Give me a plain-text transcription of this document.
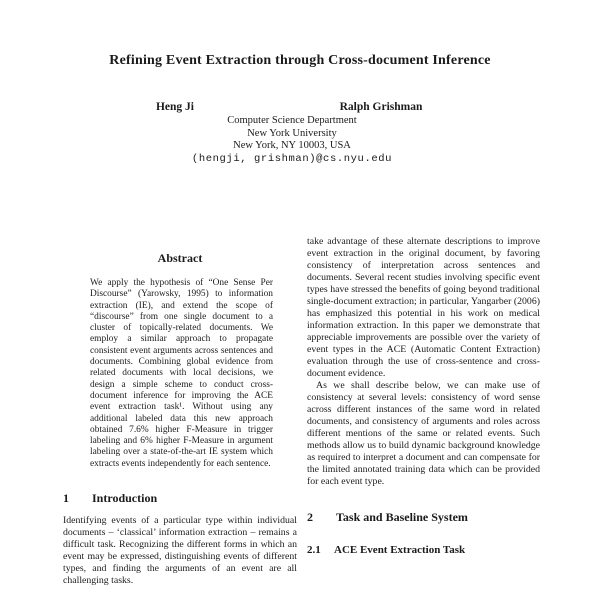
Refining Event Extraction through Cross-document Inference
Heng Ji	Ralph Grishman
Computer Science Department
New York University
New York, NY 10003, USA
(hengji, grishman)@cs.nyu.edu
Abstract
We apply the hypothesis of “One Sense Per Discourse” (Yarowsky, 1995) to information extraction (IE), and extend the scope of “discourse” from one single document to a cluster of topically-related documents. We employ a similar approach to propagate consistent event arguments across sentences and documents. Combining global evidence from related documents with local decisions, we design a simple scheme to conduct cross-document inference for improving the ACE event extraction task¹. Without using any additional labeled data this new approach obtained 7.6% higher F-Measure in trigger labeling and 6% higher F-Measure in argument labeling over a state-of-the-art IE system which extracts events independently for each sentence.
1	Introduction
Identifying events of a particular type within individual documents – ‘classical’ information extraction – remains a difficult task. Recognizing the different forms in which an event may be expressed, distinguishing events of different types, and finding the arguments of an event are all challenging tasks.
take advantage of these alternate descriptions to improve event extraction in the original document, by favoring consistency of interpretation across sentences and documents. Several recent studies involving specific event types have stressed the benefits of going beyond traditional single-document extraction; in particular, Yangarber (2006) has emphasized this potential in his work on medical information extraction. In this paper we demonstrate that appreciable improvements are possible over the variety of event types in the ACE (Automatic Content Extraction) evaluation through the use of cross-sentence and cross-document evidence.
As we shall describe below, we can make use of consistency at several levels: consistency of word sense across different instances of the same word in related documents, and consistency of arguments and roles across different mentions of the same or related events. Such methods allow us to build dynamic background knowledge as required to interpret a document and can compensate for the limited annotated training data which can be provided for each event type.
2	Task and Baseline System
2.1	ACE Event Extraction Task
